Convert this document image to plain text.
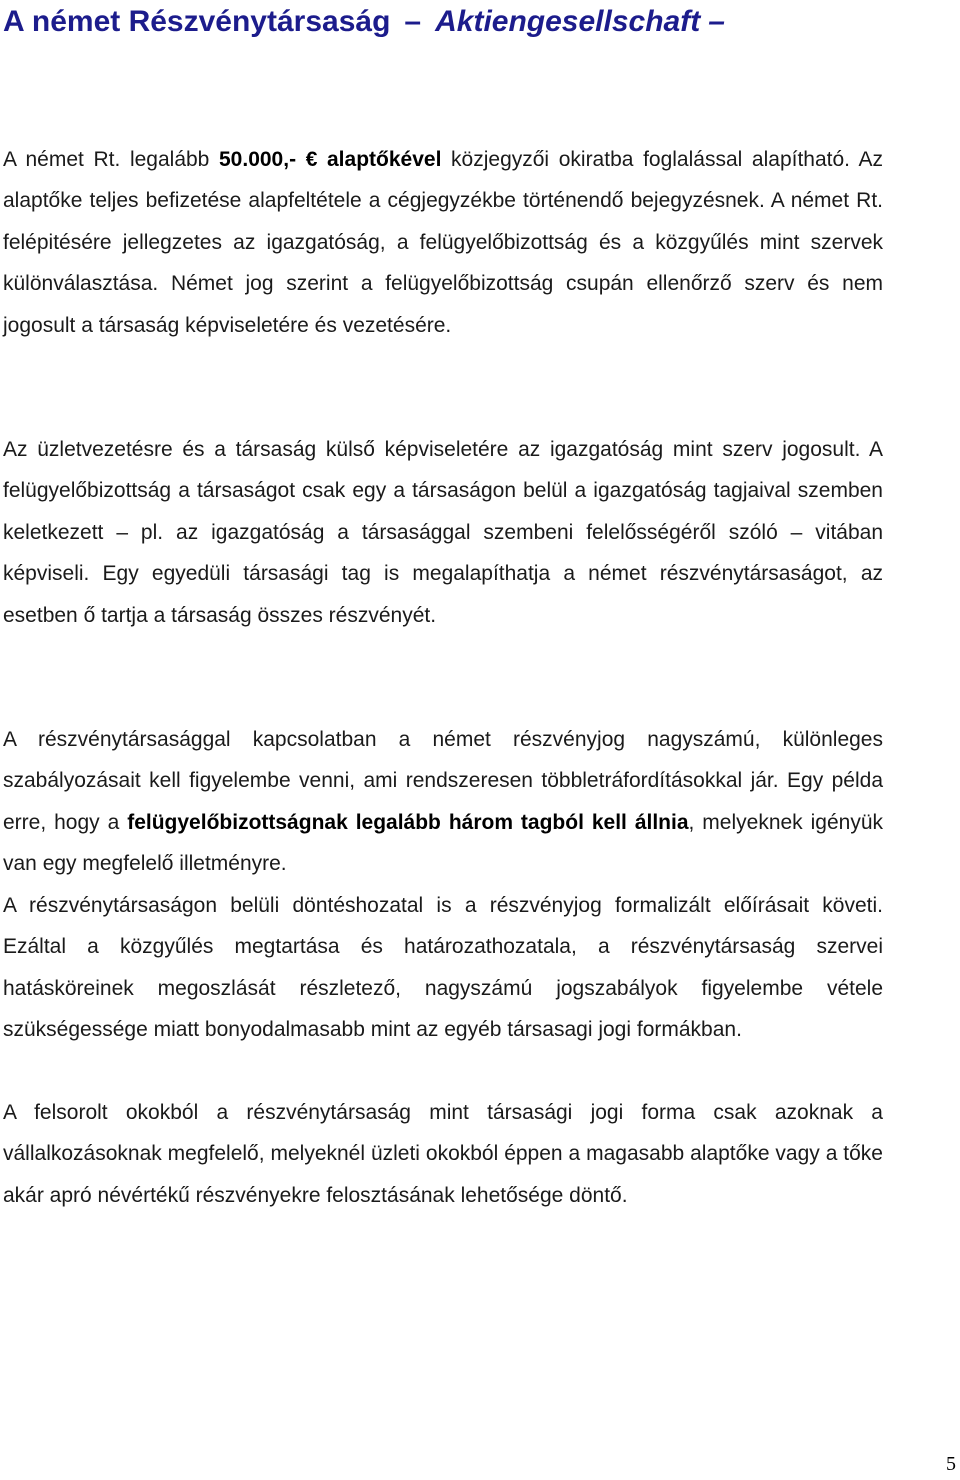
A német Részvénytársaság – Aktiengesellschaft –

A német Rt. legalább 50.000,- € alaptőkével közjegyzői okiratba foglalással alapítható. Az alaptőke teljes befizetése alapfeltétele a cégjegyzékbe történendő bejegyzésnek. A német Rt. felépitésére jellegzetes az igazgatóság, a felügyelőbizottság és a közgyűlés mint szervek különválasztása. Német jog szerint a felügyelőbizottság csupán ellenőrző szerv és nem jogosult a társaság képviseletére és vezetésére.

Az üzletvezetésre és a társaság külső képviseletére az igazgatóság mint szerv jogosult. A felügyelőbizottság a társaságot csak egy a társaságon belül a igazgatóság tagjaival szemben keletkezett – pl. az igazgatóság a társasággal szembeni felelősségéről szóló – vitában képviseli. Egy egyedüli társasági tag is megalapíthatja a német részvénytársaságot, az esetben ő tartja a társaság összes részvényét.

A részvénytársasággal kapcsolatban a német részvényjog nagyszámú, különleges szabályozásait kell figyelembe venni, ami rendszeresen többletráfordításokkal jár. Egy példa erre, hogy a felügyelőbizottságnak legalább három tagból kell állnia, melyeknek igényük van egy megfelelő illetményre.

A részvénytársaságon belüli döntéshozatal is a részvényjog formalizált előírásait követi. Ezáltal a közgyűlés megtartása és határozathozatala, a részvénytársaság szervei hatásköreinek megoszlását részletező, nagyszámú jogszabályok figyelembe vétele szükségessége miatt bonyodalmasabb mint az egyéb társasagi jogi formákban.

A felsorolt okokból a részvénytársaság mint társasági jogi forma csak azoknak a vállalkozásoknak megfelelő, melyeknél üzleti okokból éppen a magasabb alaptőke vagy a tőke akár apró névértékű részvényekre felosztásának lehetősége döntő.

5
